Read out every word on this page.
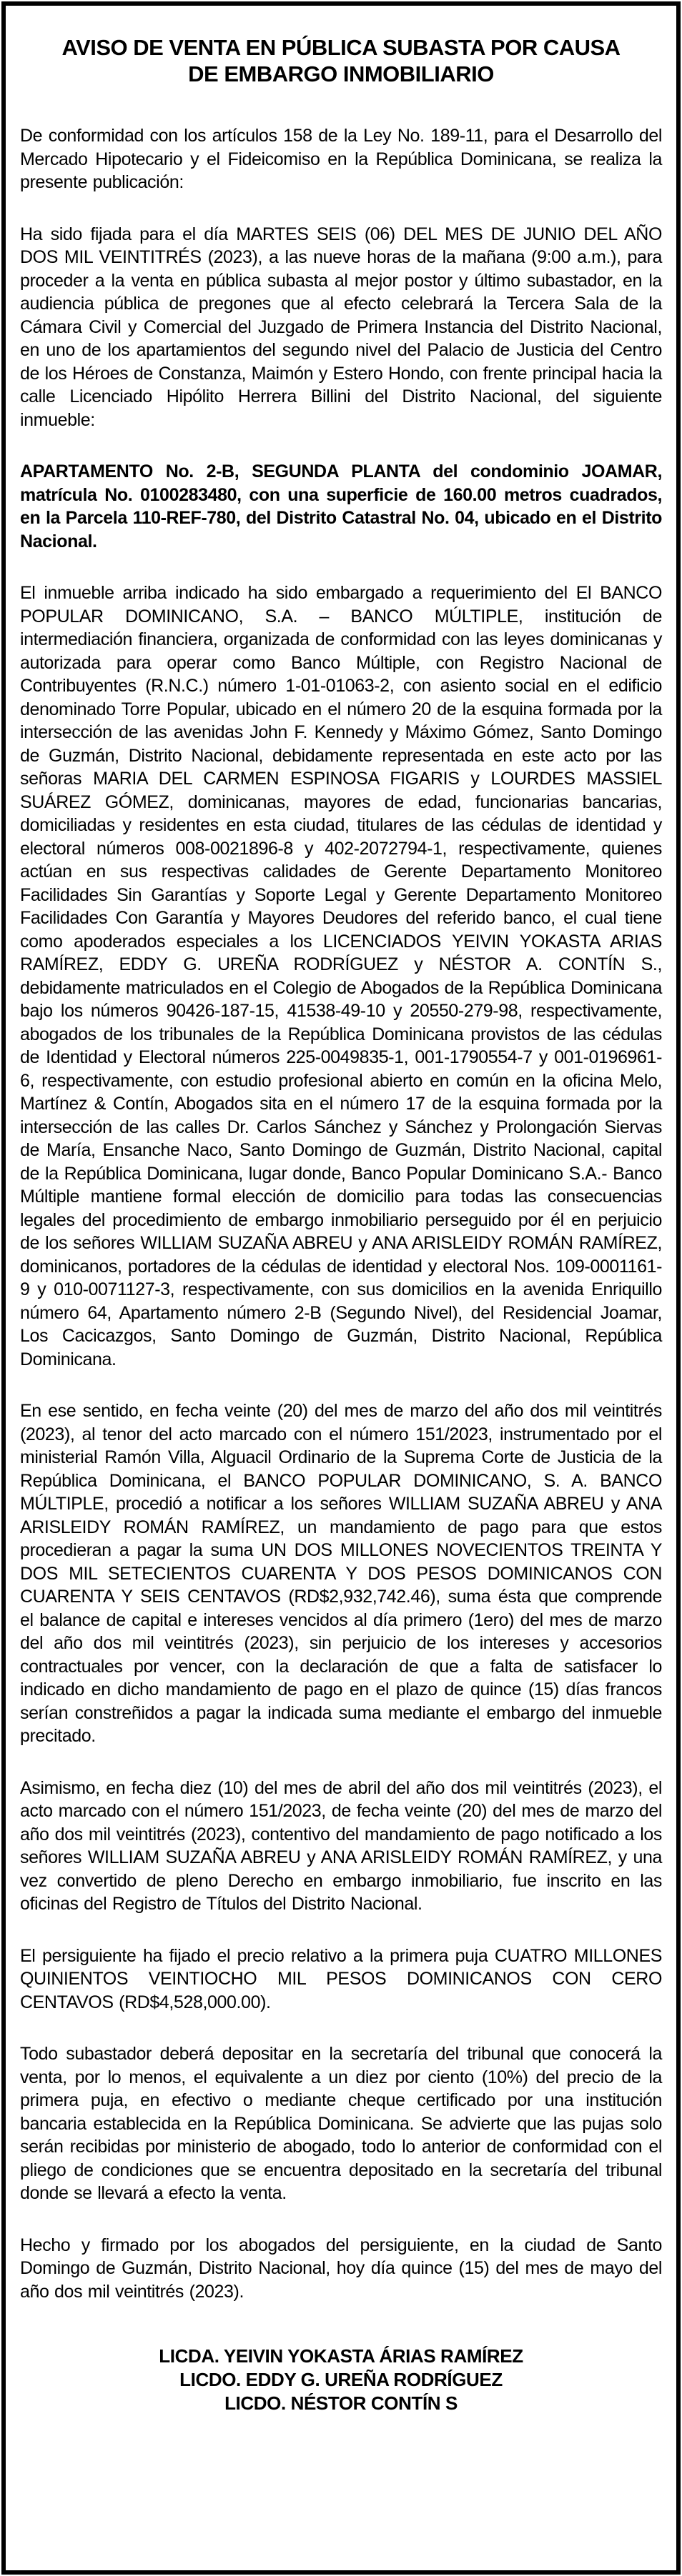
AVISO DE VENTA EN PÚBLICA SUBASTA POR CAUSA
DE EMBARGO INMOBILIARIO

De conformidad con los artículos 158 de la Ley No. 189-11, para el Desarrollo del Mercado Hipotecario y el Fideicomiso en la República Dominicana, se realiza la presente publicación:

Ha sido fijada para el día MARTES SEIS (06) DEL MES DE JUNIO DEL AÑO DOS MIL VEINTITRÉS (2023), a las nueve horas de la mañana (9:00 a.m.), para proceder a la venta en pública subasta al mejor postor y último subastador, en la audiencia pública de pregones que al efecto celebrará la Tercera Sala de la Cámara Civil y Comercial del Juzgado de Primera Instancia del Distrito Nacional, en uno de los apartamientos del segundo nivel del Palacio de Justicia del Centro de los Héroes de Constanza, Maimón y Estero Hondo, con frente principal hacia la calle Licenciado Hipólito Herrera Billini del Distrito Nacional, del siguiente inmueble:

APARTAMENTO No. 2-B, SEGUNDA PLANTA del condominio JOAMAR, matrícula No. 0100283480, con una superficie de 160.00 metros cuadrados, en la Parcela 110-REF-780, del Distrito Catastral No. 04, ubicado en el Distrito Nacional.

El inmueble arriba indicado ha sido embargado a requerimiento del El BANCO POPULAR DOMINICANO, S.A. – BANCO MÚLTIPLE, institución de intermediación financiera, organizada de conformidad con las leyes dominicanas y autorizada para operar como Banco Múltiple, con Registro Nacional de Contribuyentes (R.N.C.) número 1-01-01063-2, con asiento social en el edificio denominado Torre Popular, ubicado en el número 20 de la esquina formada por la intersección de las avenidas John F. Kennedy y Máximo Gómez, Santo Domingo de Guzmán, Distrito Nacional, debidamente representada en este acto por las señoras MARIA DEL CARMEN ESPINOSA FIGARIS y LOURDES MASSIEL SUÁREZ GÓMEZ, dominicanas, mayores de edad, funcionarias bancarias, domiciliadas y residentes en esta ciudad, titulares de las cédulas de identidad y electoral números 008-0021896-8 y 402-2072794-1, respectivamente, quienes actúan en sus respectivas calidades de Gerente Departamento Monitoreo Facilidades Sin Garantías y Soporte Legal y Gerente Departamento Monitoreo Facilidades Con Garantía y Mayores Deudores del referido banco, el cual tiene como apoderados especiales a los LICENCIADOS YEIVIN YOKASTA ARIAS RAMÍREZ, EDDY G. UREÑA RODRÍGUEZ y NÉSTOR A. CONTÍN S., debidamente matriculados en el Colegio de Abogados de la República Dominicana bajo los números 90426-187-15, 41538-49-10 y 20550-279-98, respectivamente, abogados de los tribunales de la República Dominicana provistos de las cédulas de Identidad y Electoral números 225-0049835-1, 001-1790554-7 y 001-0196961-6, respectivamente, con estudio profesional abierto en común en la oficina Melo, Martínez & Contín, Abogados sita en el número 17 de la esquina formada por la intersección de las calles Dr. Carlos Sánchez y Sánchez y Prolongación Siervas de María, Ensanche Naco, Santo Domingo de Guzmán, Distrito Nacional, capital de la República Dominicana, lugar donde, Banco Popular Dominicano S.A.- Banco Múltiple mantiene formal elección de domicilio para todas las consecuencias legales del procedimiento de embargo inmobiliario perseguido por él en perjuicio de los señores WILLIAM SUZAÑA ABREU y ANA ARISLEIDY ROMÁN RAMÍREZ, dominicanos, portadores de la cédulas de identidad y electoral Nos. 109-0001161-9 y 010-0071127-3, respectivamente, con sus domicilios en la avenida Enriquillo número 64, Apartamento número 2-B (Segundo Nivel), del Residencial Joamar, Los Cacicazgos, Santo Domingo de Guzmán, Distrito Nacional, República Dominicana.

En ese sentido, en fecha veinte (20) del mes de marzo del año dos mil veintitrés (2023), al tenor del acto marcado con el número 151/2023, instrumentado por el ministerial Ramón Villa, Alguacil Ordinario de la Suprema Corte de Justicia de la República Dominicana, el BANCO POPULAR DOMINICANO, S. A. BANCO MÚLTIPLE, procedió a notificar a los señores WILLIAM SUZAÑA ABREU y ANA ARISLEIDY ROMÁN RAMÍREZ, un mandamiento de pago para que estos procedieran a pagar la suma UN DOS MILLONES NOVECIENTOS TREINTA Y DOS MIL SETECIENTOS CUARENTA Y DOS PESOS DOMINICANOS CON CUARENTA Y SEIS CENTAVOS (RD$2,932,742.46), suma ésta que comprende el balance de capital e intereses vencidos al día primero (1ero) del mes de marzo del año dos mil veintitrés (2023), sin perjuicio de los intereses y accesorios contractuales por vencer, con la declaración de que a falta de satisfacer lo indicado en dicho mandamiento de pago en el plazo de quince (15) días francos serían constreñidos a pagar la indicada suma mediante el embargo del inmueble precitado.

Asimismo, en fecha diez (10) del mes de abril del año dos mil veintitrés (2023), el acto marcado con el número 151/2023, de fecha veinte (20) del mes de marzo del año dos mil veintitrés (2023), contentivo del mandamiento de pago notificado a los señores WILLIAM SUZAÑA ABREU y ANA ARISLEIDY ROMÁN RAMÍREZ, y una vez convertido de pleno Derecho en embargo inmobiliario, fue inscrito en las oficinas del Registro de Títulos del Distrito Nacional.

El persiguiente ha fijado el precio relativo a la primera puja CUATRO MILLONES QUINIENTOS VEINTIOCHO MIL PESOS DOMINICANOS CON CERO CENTAVOS (RD$4,528,000.00).

Todo subastador deberá depositar en la secretaría del tribunal que conocerá la venta, por lo menos, el equivalente a un diez por ciento (10%) del precio de la primera puja, en efectivo o mediante cheque certificado por una institución bancaria establecida en la República Dominicana. Se advierte que las pujas solo serán recibidas por ministerio de abogado, todo lo anterior de conformidad con el pliego de condiciones que se encuentra depositado en la secretaría del tribunal donde se llevará a efecto la venta.

Hecho y firmado por los abogados del persiguiente, en la ciudad de Santo Domingo de Guzmán, Distrito Nacional, hoy día quince (15) del mes de mayo del año dos mil veintitrés (2023).

LICDA. YEIVIN YOKASTA ÁRIAS RAMÍREZ
LICDO. EDDY G. UREÑA RODRÍGUEZ
LICDO. NÉSTOR CONTÍN S
